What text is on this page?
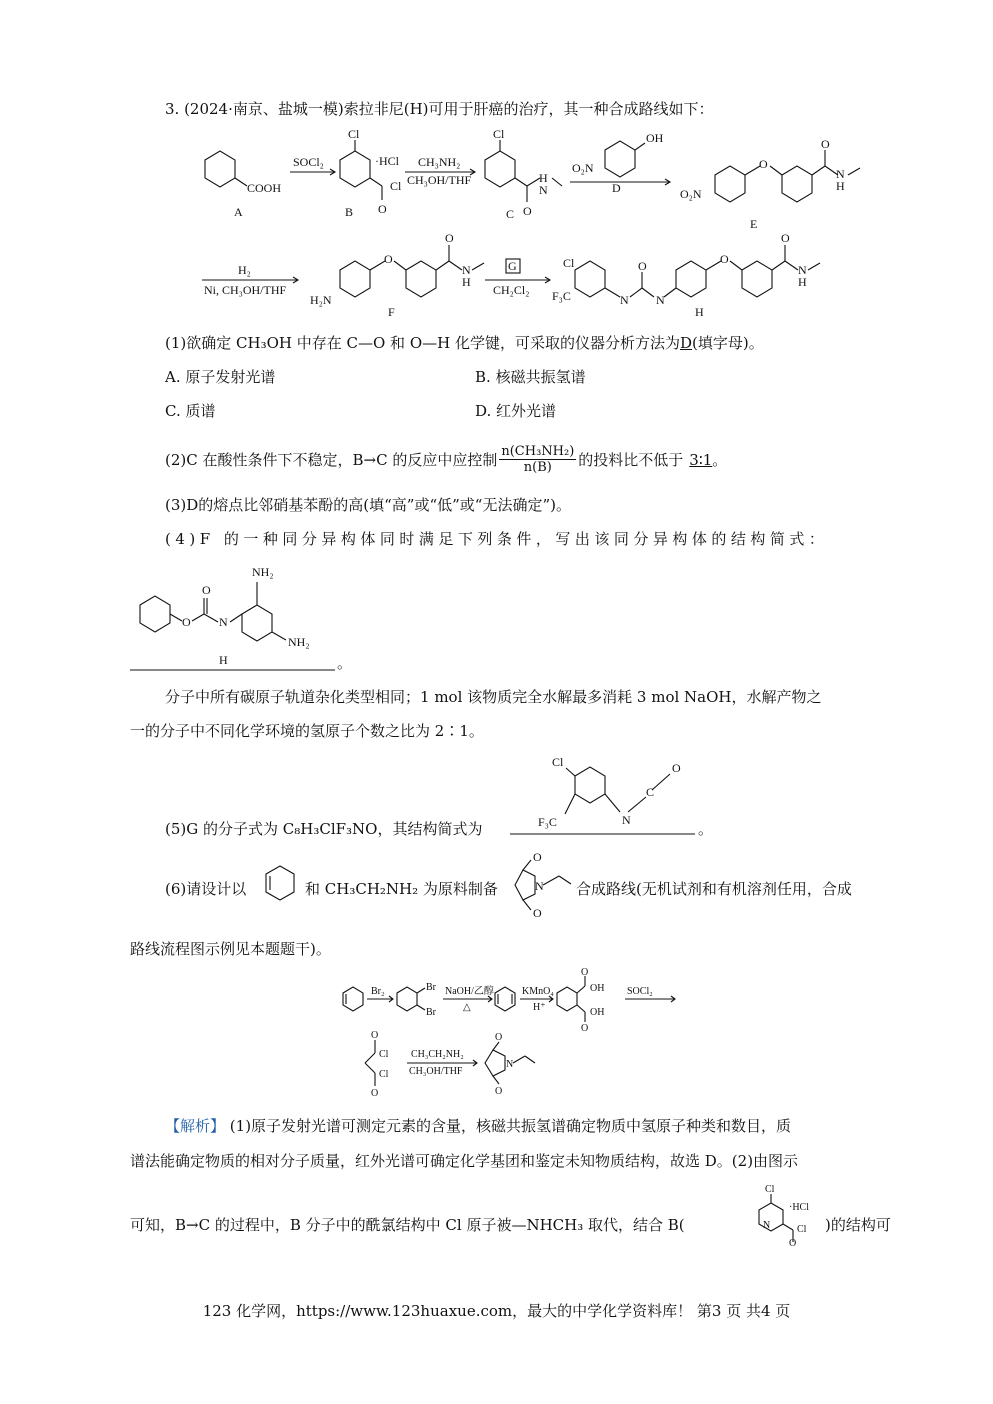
3. (2024·南京、盐城一模)索拉非尼(H)可用于肝癌的治疗，其一种合成路线如下：
COOH
Cl
·HCl
Cl
O
Cl
O
H
N
OH
O₂N
O₂N
O
O
N
H
H₂N
O
O
N
H
Cl
F₃C	N
O
N
O
O
N
H
SOCl₂	CH₃NH₂
CH₃OH/THF
D
H₂
Ni, CH₃OH/THF
G
CH₂Cl₂
A	B	C
E
F	H
(1)欲确定 CH₃OH 中存在 C—O 和 O—H 化学键，可采取的仪器分析方法为D(填字母)。
A. 原子发射光谱	B. 核磁共振氢谱
C. 质谱	D. 红外光谱
(2)C 在酸性条件下不稳定，B→C 的反应中应控制 n(CH₃NH₂)
n(B) 的投料比不低于 3∶1 。
(3)D的熔点比邻硝基苯酚的高(填“高”或“低”或“无法确定”)。
(4)F 的一种同分异构体同时满足下列条件，写出该同分异构体的结构简式：
NH₂
O
O N
H
NH₂
。
分子中所有碳原子轨道杂化类型相同；1 mol 该物质完全水解最多消耗 3 mol NaOH，水解产物之
一的分子中不同化学环境的氢原子个数之比为 2∶1。
Cl	O
C
N
F₃C
(5)G 的分子式为 C₈H₃ClF₃NO，其结构简式为	。
(6)请设计以	和 CH₃CH₂NH₂ 为原料制备
O
N
O
合成路线(无机试剂和有机溶剂任用，合成
路线流程图示例见本题题干)。
Br₂	Br
Br
NaOH/乙醇
△
KMnO₄
H⁺
O
OH
OH
O
SOCl₂
O
Cl
Cl
O
CH₃CH₂NH₂
CH₃OH/THF
O
N
O
【解析】 (1)原子发射光谱可测定元素的含量，核磁共振氢谱确定物质中氢原子种类和数目，质
谱法能确定物质的相对分子质量，红外光谱可确定化学基团和鉴定未知物质结构，故选 D。(2)由图示
可知，B→C 的过程中，B 分子中的酰氯结构中 Cl 原子被—NHCH₃ 取代，结合 B(
Cl
·HCl
N	Cl
O
)的结构可
123 化学网，https://www.123huaxue.com，最大的中学化学资料库！ 第3 页 共4 页
